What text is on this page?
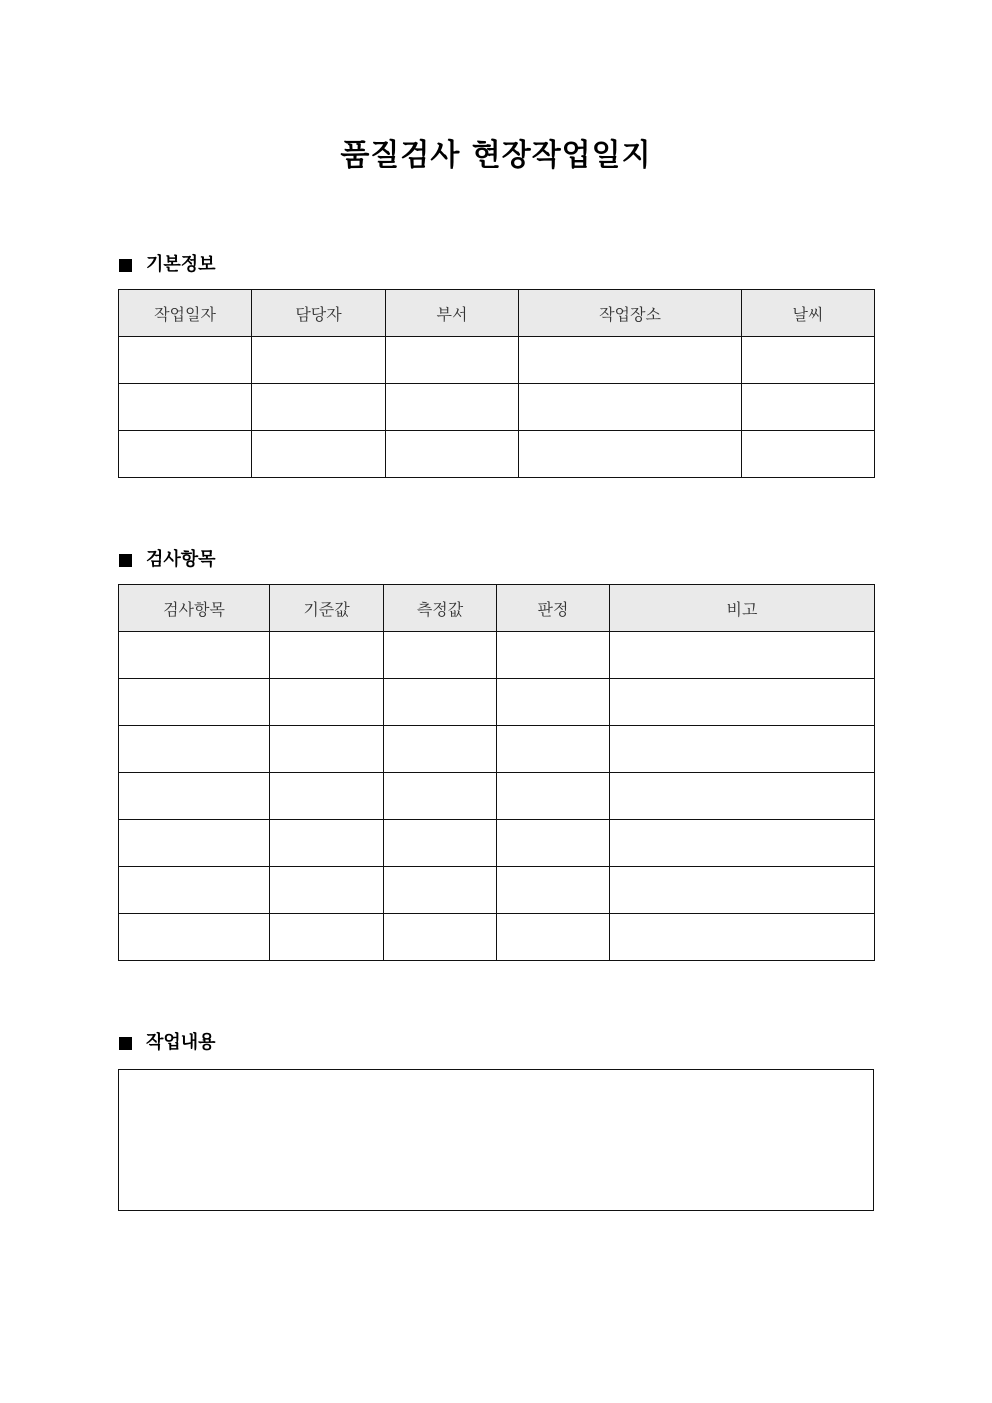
품질검사 현장작업일지
기본정보
작업일자	담당자	부서	작업장소	날씨

검사항목
검사항목	기준값	측정값	판정	비고

작업내용
